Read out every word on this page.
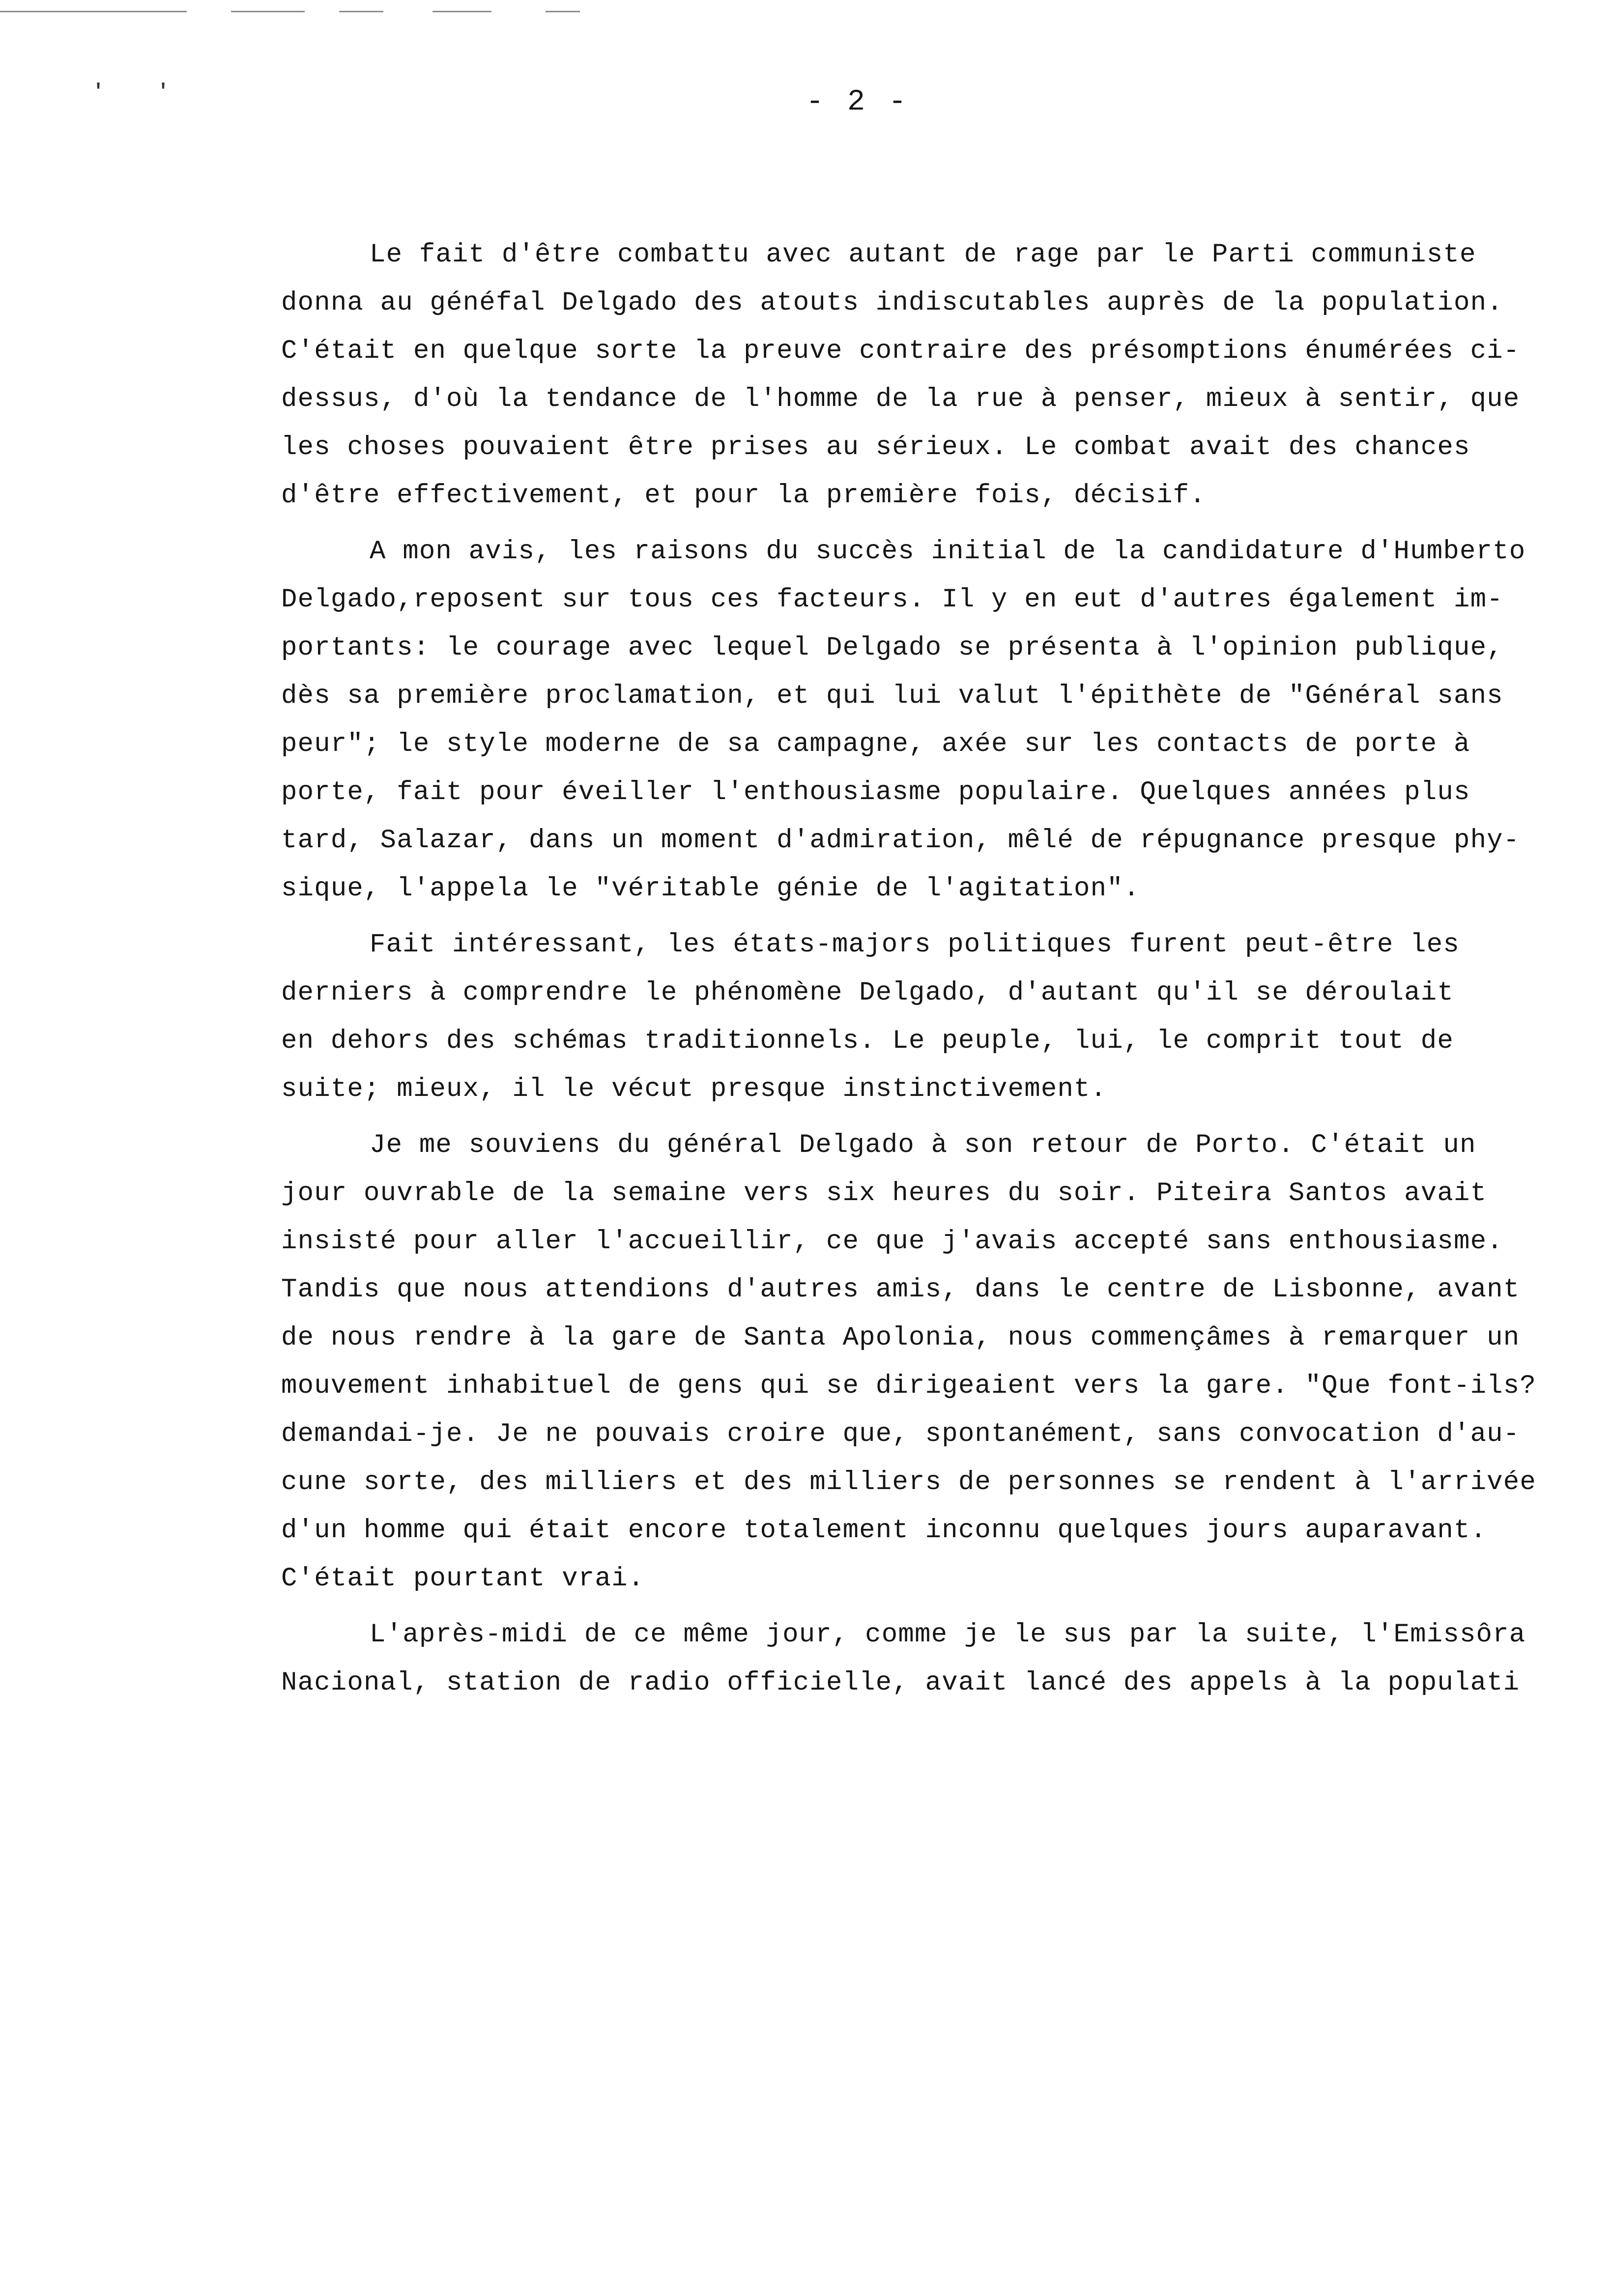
'	'	- 2 -
Le fait d'être combattu avec autant de rage par le Parti communiste
donna au généfal Delgado des atouts indiscutables auprès de la population.
C'était en quelque sorte la preuve contraire des présomptions énumérées ci-
dessus, d'où la tendance de l'homme de la rue à penser, mieux à sentir, que
les choses pouvaient être prises au sérieux. Le combat avait des chances
d'être effectivement, et pour la première fois, décisif.
A mon avis, les raisons du succès initial de la candidature d'Humberto
Delgado,reposent sur tous ces facteurs. Il y en eut d'autres également im-
portants: le courage avec lequel Delgado se présenta à l'opinion publique,
dès sa première proclamation, et qui lui valut l'épithète de "Général sans
peur"; le style moderne de sa campagne, axée sur les contacts de porte à
porte, fait pour éveiller l'enthousiasme populaire. Quelques années plus
tard, Salazar, dans un moment d'admiration, mêlé de répugnance presque phy-
sique, l'appela le "véritable génie de l'agitation".
Fait intéressant, les états-majors politiques furent peut-être les
derniers à comprendre le phénomène Delgado, d'autant qu'il se déroulait
en dehors des schémas traditionnels. Le peuple, lui, le comprit tout de
suite; mieux, il le vécut presque instinctivement.
Je me souviens du général Delgado à son retour de Porto. C'était un
jour ouvrable de la semaine vers six heures du soir. Piteira Santos avait
insisté pour aller l'accueillir, ce que j'avais accepté sans enthousiasme.
Tandis que nous attendions d'autres amis, dans le centre de Lisbonne, avant
de nous rendre à la gare de Santa Apolonia, nous commençâmes à remarquer un
mouvement inhabituel de gens qui se dirigeaient vers la gare. "Que font-ils?
demandai-je. Je ne pouvais croire que, spontanément, sans convocation d'au-
cune sorte, des milliers et des milliers de personnes se rendent à l'arrivée
d'un homme qui était encore totalement inconnu quelques jours auparavant.
C'était pourtant vrai.
L'après-midi de ce même jour, comme je le sus par la suite, l'Emissôra
Nacional, station de radio officielle, avait lancé des appels à la populati
